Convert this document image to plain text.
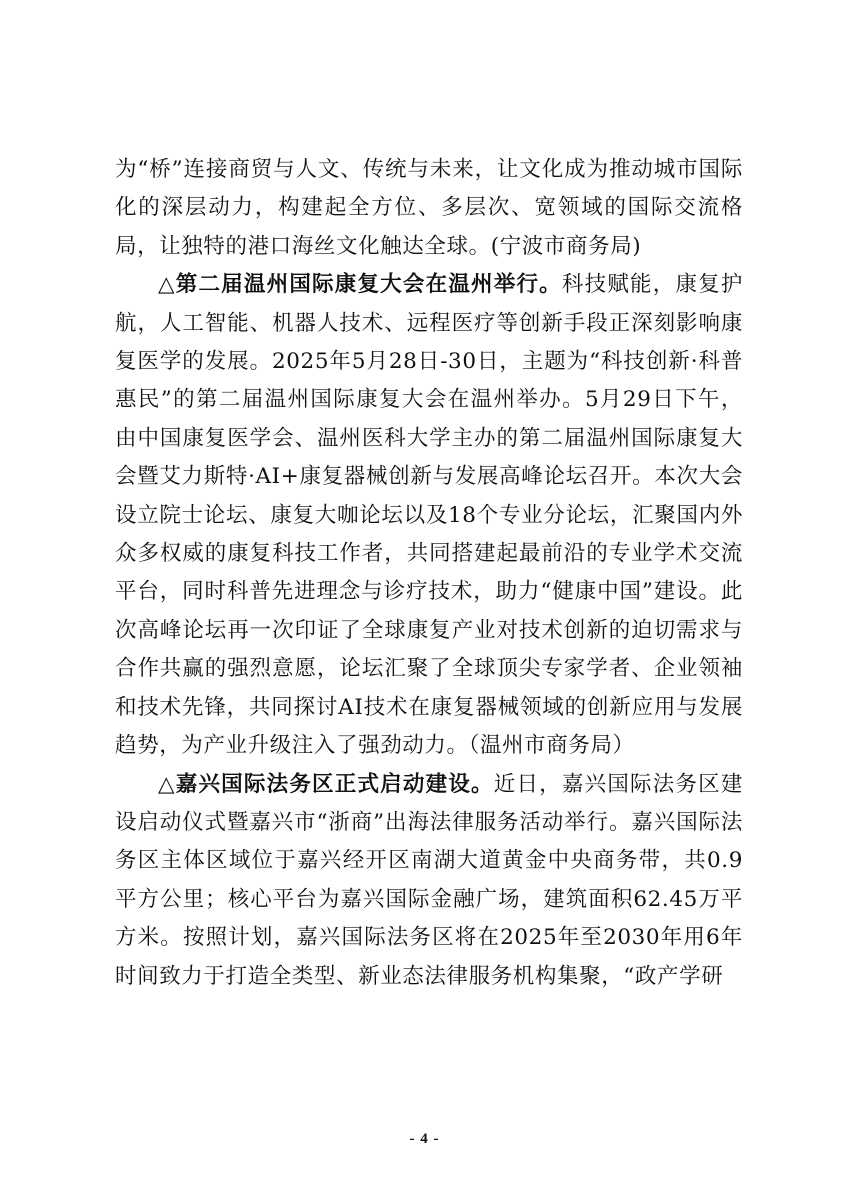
为“桥”连接商贸与人文、传统与未来，让文化成为推动城市国际化的深层动力，构建起全方位、多层次、宽领域的国际交流格局，让独特的港口海丝文化触达全球。(宁波市商务局)

△第二届温州国际康复大会在温州举行。科技赋能，康复护航，人工智能、机器人技术、远程医疗等创新手段正深刻影响康复医学的发展。2025年5月28日-30日，主题为“科技创新·科普惠民”的第二届温州国际康复大会在温州举办。5月29日下午，由中国康复医学会、温州医科大学主办的第二届温州国际康复大会暨艾力斯特·AI+康复器械创新与发展高峰论坛召开。本次大会设立院士论坛、康复大咖论坛以及18个专业分论坛，汇聚国内外众多权威的康复科技工作者，共同搭建起最前沿的专业学术交流平台，同时科普先进理念与诊疗技术，助力“健康中国”建设。此次高峰论坛再一次印证了全球康复产业对技术创新的迫切需求与合作共赢的强烈意愿，论坛汇聚了全球顶尖专家学者、企业领袖和技术先锋，共同探讨AI技术在康复器械领域的创新应用与发展趋势，为产业升级注入了强劲动力。（温州市商务局）

△嘉兴国际法务区正式启动建设。近日，嘉兴国际法务区建设启动仪式暨嘉兴市“浙商”出海法律服务活动举行。嘉兴国际法务区主体区域位于嘉兴经开区南湖大道黄金中央商务带，共0.9平方公里；核心平台为嘉兴国际金融广场，建筑面积62.45万平方米。按照计划，嘉兴国际法务区将在2025年至2030年用6年时间致力于打造全类型、新业态法律服务机构集聚，“政产学研

- 4 -
